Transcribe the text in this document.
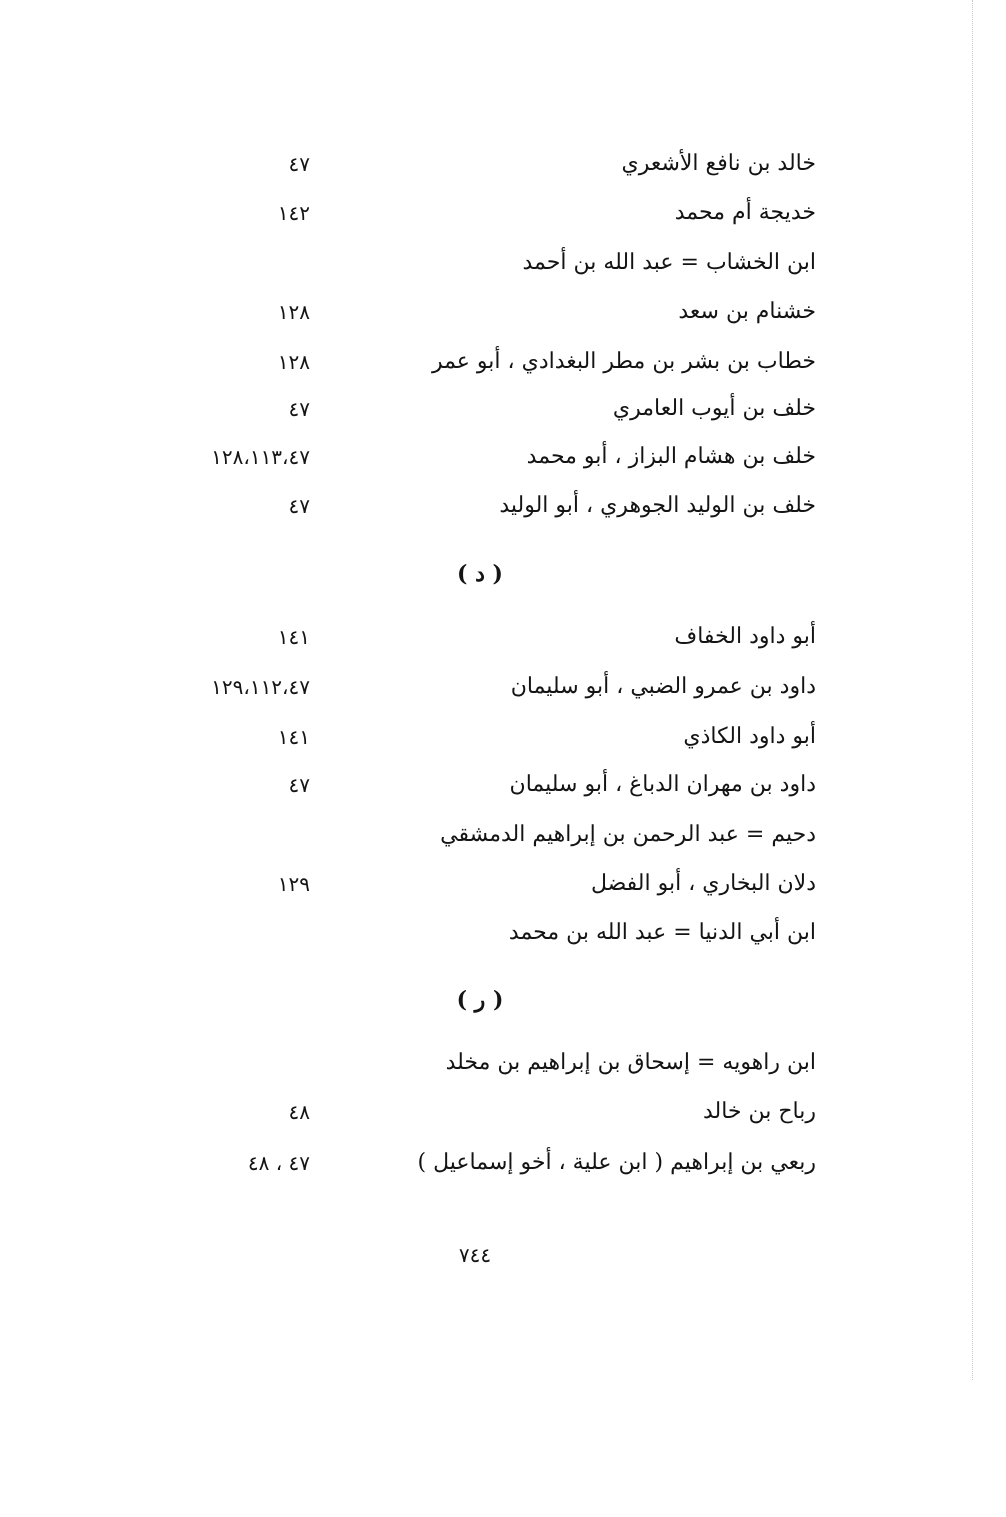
خالد بن نافع الأشعري
٤٧
خديجة أم محمد
١٤٢
ابن الخشاب = عبد الله بن أحمد
خشنام بن سعد
١٢٨
خطاب بن بشر بن مطر البغدادي ، أبو عمر
١٢٨
خلف بن أيوب العامري
٤٧
خلف بن هشام البزاز ، أبو محمد
١٢٨،١١٣،٤٧
خلف بن الوليد الجوهري ، أبو الوليد
٤٧
( د )
أبو داود الخفاف
١٤١
داود بن عمرو الضبي ، أبو سليمان
١٢٩،١١٢،٤٧
أبو داود الكاذي
١٤١
داود بن مهران الدباغ ، أبو سليمان
٤٧
دحيم = عبد الرحمن بن إبراهيم الدمشقي
دلان البخاري ، أبو الفضل
١٢٩
ابن أبي الدنيا = عبد الله بن محمد
( ر )
ابن راهويه = إسحاق بن إبراهيم بن مخلد
رباح بن خالد
٤٨
ربعي بن إبراهيم ( ابن علية ، أخو إسماعيل )
٤٧ ، ٤٨
٧٤٤
